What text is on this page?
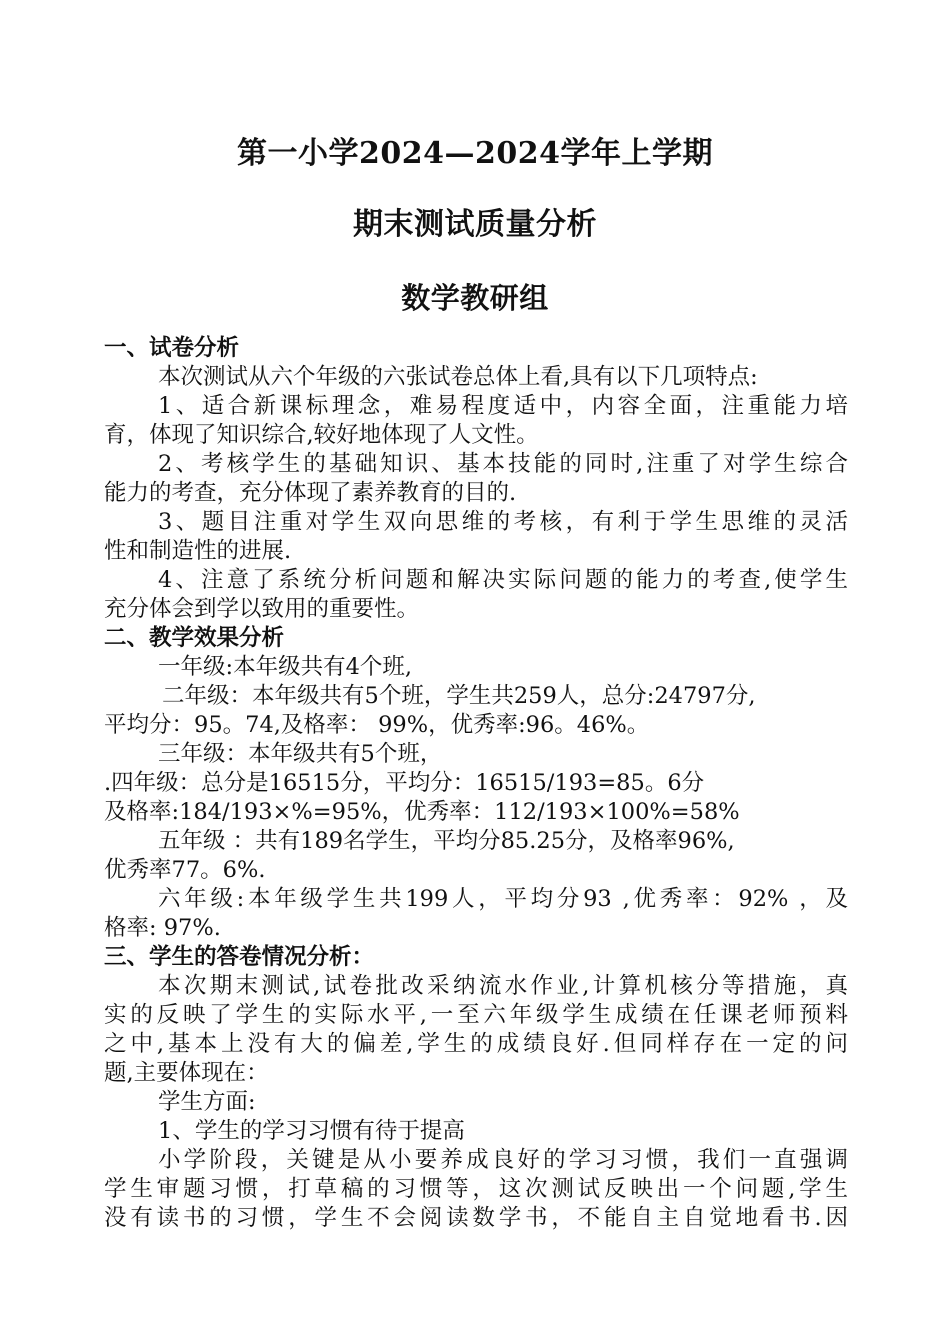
第一小学2024—2024学年上学期
期末测试质量分析
数学教研组
一、试卷分析
本次测试从六个年级的六张试卷总体上看,具有以下几项特点:
1、适合新课标理念，难易程度适中，内容全面，注重能力培
育，体现了知识综合,较好地体现了人文性。
2、考核学生的基础知识、基本技能的同时,注重了对学生综合
能力的考查，充分体现了素养教育的目的.
3、题目注重对学生双向思维的考核，有利于学生思维的灵活
性和制造性的进展.
4、注意了系统分析问题和解决实际问题的能力的考查,使学生
充分体会到学以致用的重要性。
二、教学效果分析
一年级:本年级共有4个班,
二年级：本年级共有5个班，学生共259人，总分:24797分,
平均分：95。74,及格率： 99%，优秀率:96。46%。
三年级：本年级共有5个班，
.四年级：总分是16515分，平均分：16515/193=85。6分
及格率:184/193×%=95%，优秀率：112/193×100%=58%
五年级 ：共有189名学生，平均分85.25分，及格率96%,
优秀率77。6%.
六年级:本年级学生共199人，平均分93 ,优秀率：92% ，及
格率: 97%.
三、学生的答卷情况分析：
本次期末测试,试卷批改采纳流水作业,计算机核分等措施，真
实的反映了学生的实际水平,一至六年级学生成绩在任课老师预料
之中,基本上没有大的偏差,学生的成绩良好.但同样存在一定的问
题,主要体现在：
学生方面:
1、学生的学习习惯有待于提高
小学阶段，关键是从小要养成良好的学习习惯，我们一直强调
学生审题习惯，打草稿的习惯等，这次测试反映出一个问题,学生
没有读书的习惯，学生不会阅读数学书，不能自主自觉地看书.因
